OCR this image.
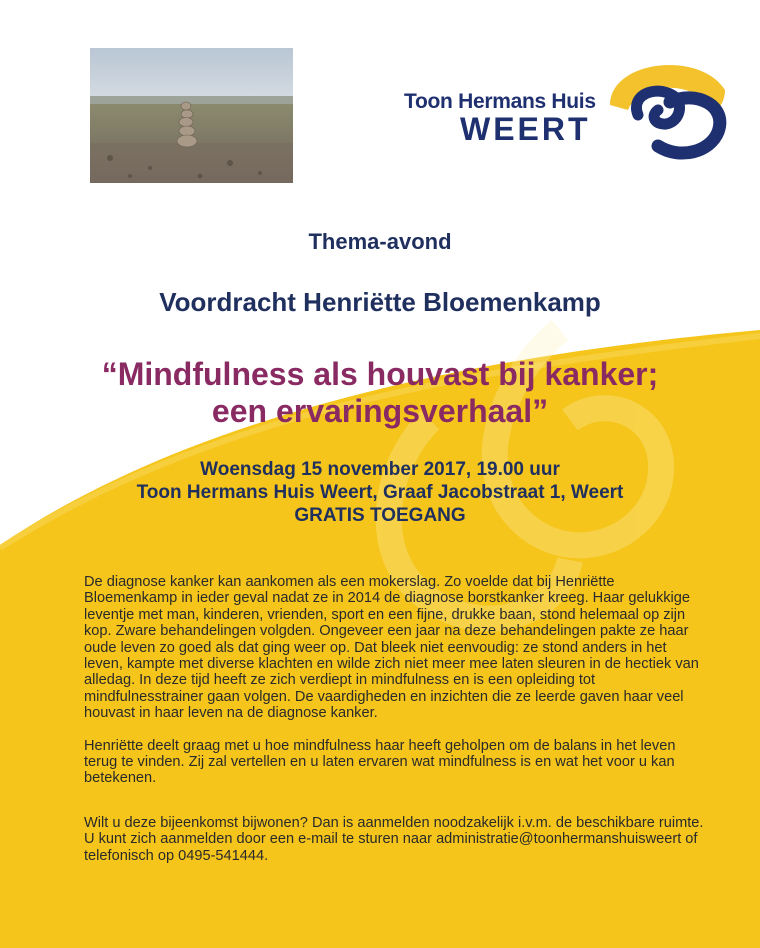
Toon Hermans Huis
WEERT
Thema-avond
Voordracht Henriëtte Bloemenkamp
“Mindfulness als houvast bij kanker;
een ervaringsverhaal”
Woensdag 15 november 2017, 19.00 uur
Toon Hermans Huis Weert, Graaf Jacobstraat 1, Weert
GRATIS TOEGANG

De diagnose kanker kan aankomen als een mokerslag. Zo voelde dat bij Henriëtte Bloemenkamp in ieder geval nadat ze in 2014 de diagnose borstkanker kreeg. Haar gelukkige leventje met man, kinderen, vrienden, sport en een fijne, drukke baan, stond helemaal op zijn kop. Zware behandelingen volgden. Ongeveer een jaar na deze behandelingen pakte ze haar oude leven zo goed als dat ging weer op. Dat bleek niet eenvoudig: ze stond anders in het leven, kampte met diverse klachten en wilde zich niet meer mee laten sleuren in de hectiek van alledag. In deze tijd heeft ze zich verdiept in mindfulness en is een opleiding tot mindfulnesstrainer gaan volgen. De vaardigheden en inzichten die ze leerde gaven haar veel houvast in haar leven na de diagnose kanker.

Henriëtte deelt graag met u hoe mindfulness haar heeft geholpen om de balans in het leven terug te vinden. Zij zal vertellen en u laten ervaren wat mindfulness is en wat het voor u kan betekenen.

Wilt u deze bijeenkomst bijwonen? Dan is aanmelden noodzakelijk i.v.m. de beschikbare ruimte.
U kunt zich aanmelden door een e-mail te sturen naar administratie@toonhermanshuisweert of telefonisch op 0495-541444.
